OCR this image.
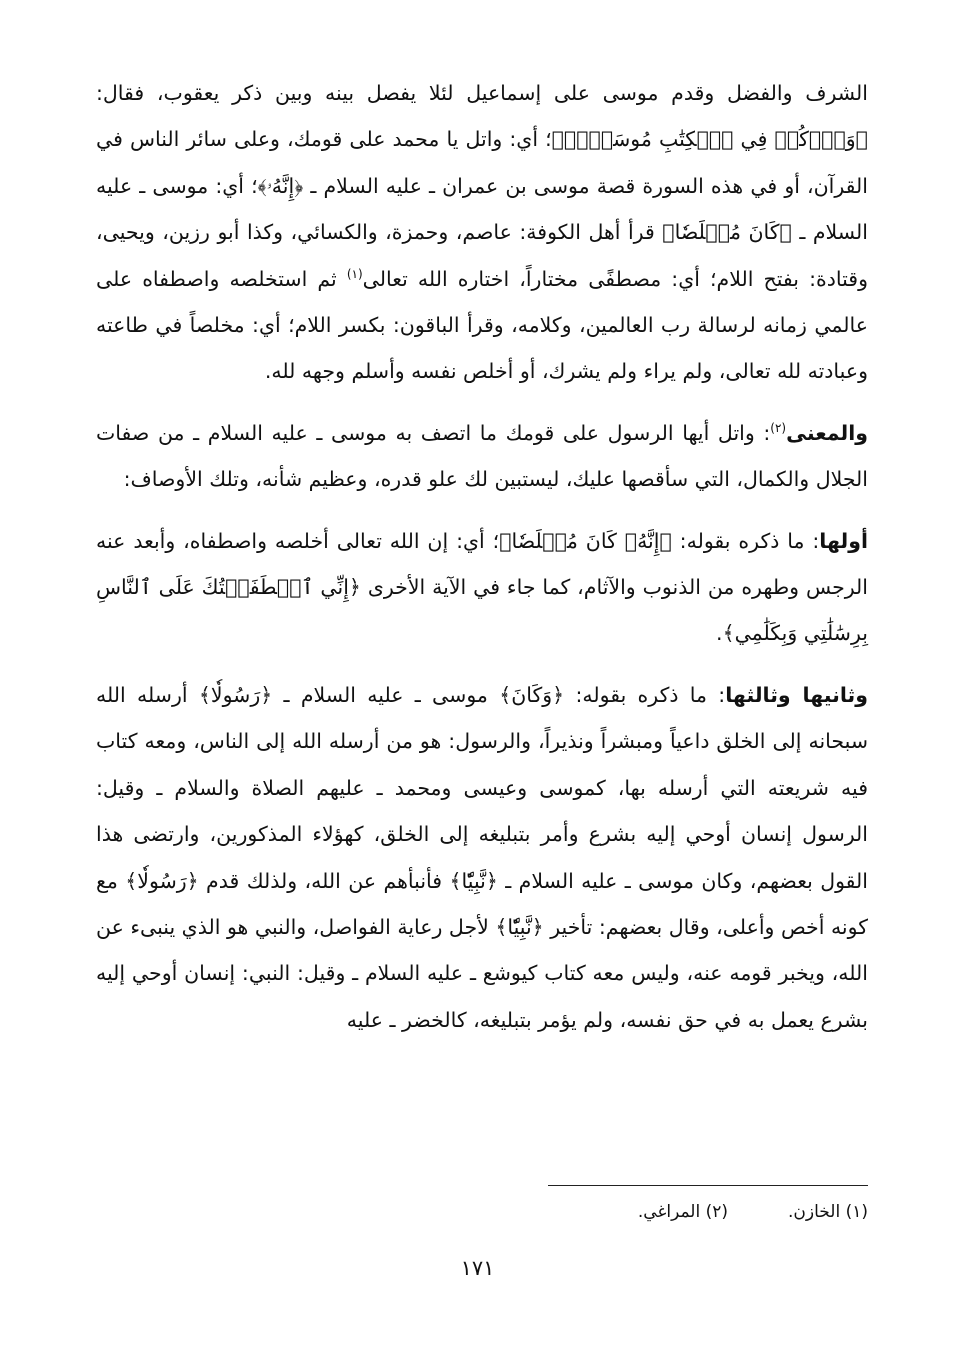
الشرف والفضل وقدم موسى على إسماعيل لئلا يفصل بينه وبين ذكر يعقوب، فقال: ﴿وَٱذۡكُرۡ فِي ٱلۡكِتَٰبِ مُوسَىٰٓۚ﴾؛ أي: واتل يا محمد على قومك، وعلى سائر الناس في القرآن، أو في هذه السورة قصة موسى بن عمران ـ عليه السلام ـ ﴿إِنَّهُۥ﴾؛ أي: موسى ـ عليه السلام ـ ﴿كَانَ مُخۡلَصٗا﴾ قرأ أهل الكوفة: عاصم، وحمزة، والكسائي، وكذا أبو رزين، ويحيى، وقتادة: بفتح اللام؛ أي: مصطفًى مختاراً، اختاره الله تعالى$^{(١)}$ ثم استخلصه واصطفاه على عالمي زمانه لرسالة رب العالمين، وكلامه، وقرأ الباقون: بكسر اللام؛ أي: مخلصاً في طاعته وعبادته لله تعالى، ولم يراء ولم يشرك، أو أخلص نفسه وأسلم وجهه لله.

والمعنى$^{(٢)}$: واتل أيها الرسول على قومك ما اتصف به موسى ـ عليه السلام ـ من صفات الجلال والكمال، التي سأقصها عليك، ليستبين لك علو قدره، وعظيم شأنه، وتلك الأوصاف:

أولها: ما ذكره بقوله: ﴿إِنَّهُۥ كَانَ مُخۡلَصٗا﴾؛ أي: إن الله تعالى أخلصه واصطفاه، وأبعد عنه الرجس وطهره من الذنوب والآثام، كما جاء في الآية الأخرى ﴿إِنِّي ٱصۡطَفَيۡتُكَ عَلَى ٱلنَّاسِ بِرِسَٰلَٰتِي وَبِكَلَٰمِي﴾.

وثانيها وثالثها: ما ذكره بقوله: ﴿وَكَانَ﴾ موسى ـ عليه السلام ـ ﴿رَسُولٗا﴾ أرسله الله سبحانه إلى الخلق داعياً ومبشراً ونذيراً، والرسول: هو من أرسله الله إلى الناس، ومعه كتاب فيه شريعته التي أرسله بها، كموسى وعيسى ومحمد ـ عليهم الصلاة والسلام ـ وقيل: الرسول إنسان أوحي إليه بشرع وأمر بتبليغه إلى الخلق، كهؤلاء المذكورين، وارتضى هذا القول بعضهم، وكان موسى ـ عليه السلام ـ ﴿نَّبِيّٗا﴾ فأنبأهم عن الله، ولذلك قدم ﴿رَسُولٗا﴾ مع كونه أخص وأعلى، وقال بعضهم: تأخير ﴿نَّبِيّٗا﴾ لأجل رعاية الفواصل، والنبي هو الذي ينبىء عن الله، ويخبر قومه عنه، وليس معه كتاب كيوشع ـ عليه السلام ـ وقيل: النبي: إنسان أوحي إليه بشرع يعمل به في حق نفسه، ولم يؤمر بتبليغه، كالخضر ـ عليه

(١) الخازن.
(٢) المراغي.
١٧١
